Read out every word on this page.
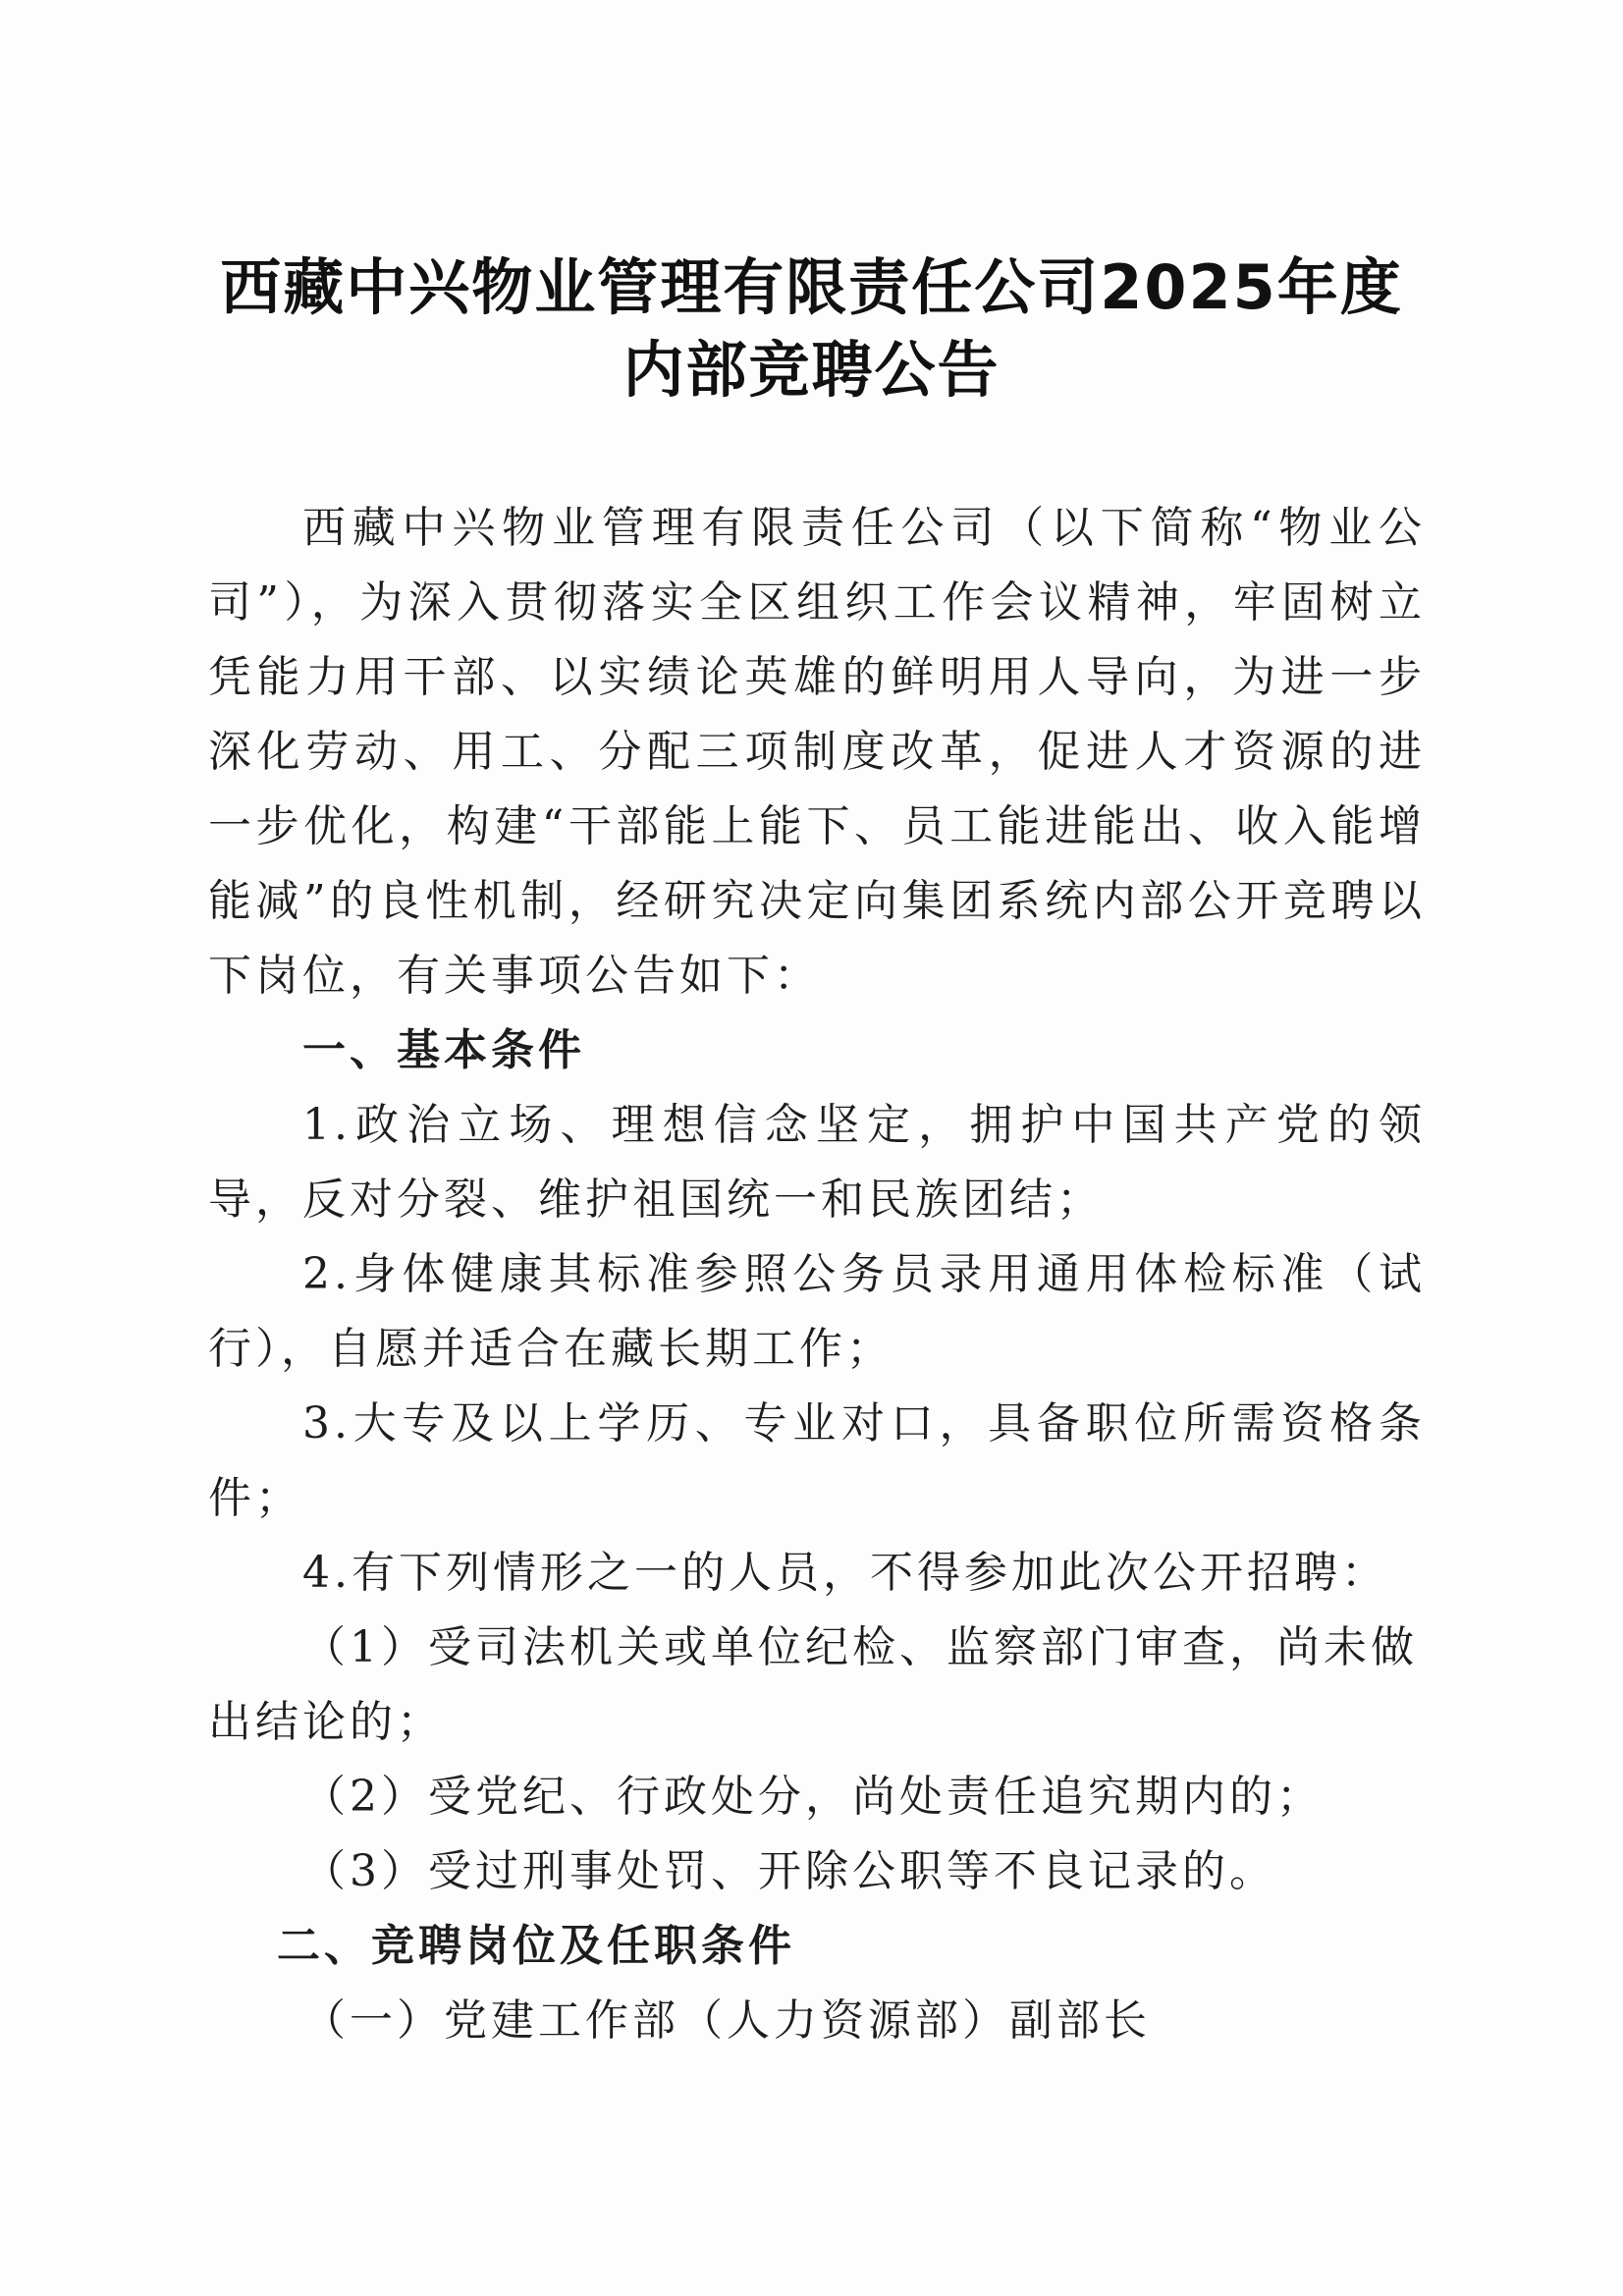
西藏中兴物业管理有限责任公司2025年度
内部竞聘公告

西藏中兴物业管理有限责任公司（以下简称“物业公司”），为深入贯彻落实全区组织工作会议精神，牢固树立凭能力用干部、以实绩论英雄的鲜明用人导向，为进一步深化劳动、用工、分配三项制度改革，促进人才资源的进一步优化，构建“干部能上能下、员工能进能出、收入能增能减”的良性机制，经研究决定向集团系统内部公开竞聘以下岗位，有关事项公告如下：

一、基本条件

1.政治立场、理想信念坚定，拥护中国共产党的领导，反对分裂、维护祖国统一和民族团结；

2.身体健康其标准参照公务员录用通用体检标准（试行），自愿并适合在藏长期工作；

3.大专及以上学历、专业对口，具备职位所需资格条件；

4.有下列情形之一的人员，不得参加此次公开招聘：

（1）受司法机关或单位纪检、监察部门审查，尚未做出结论的；

（2）受党纪、行政处分，尚处责任追究期内的；

（3）受过刑事处罚、开除公职等不良记录的。

二、竞聘岗位及任职条件

（一）党建工作部（人力资源部）副部长
